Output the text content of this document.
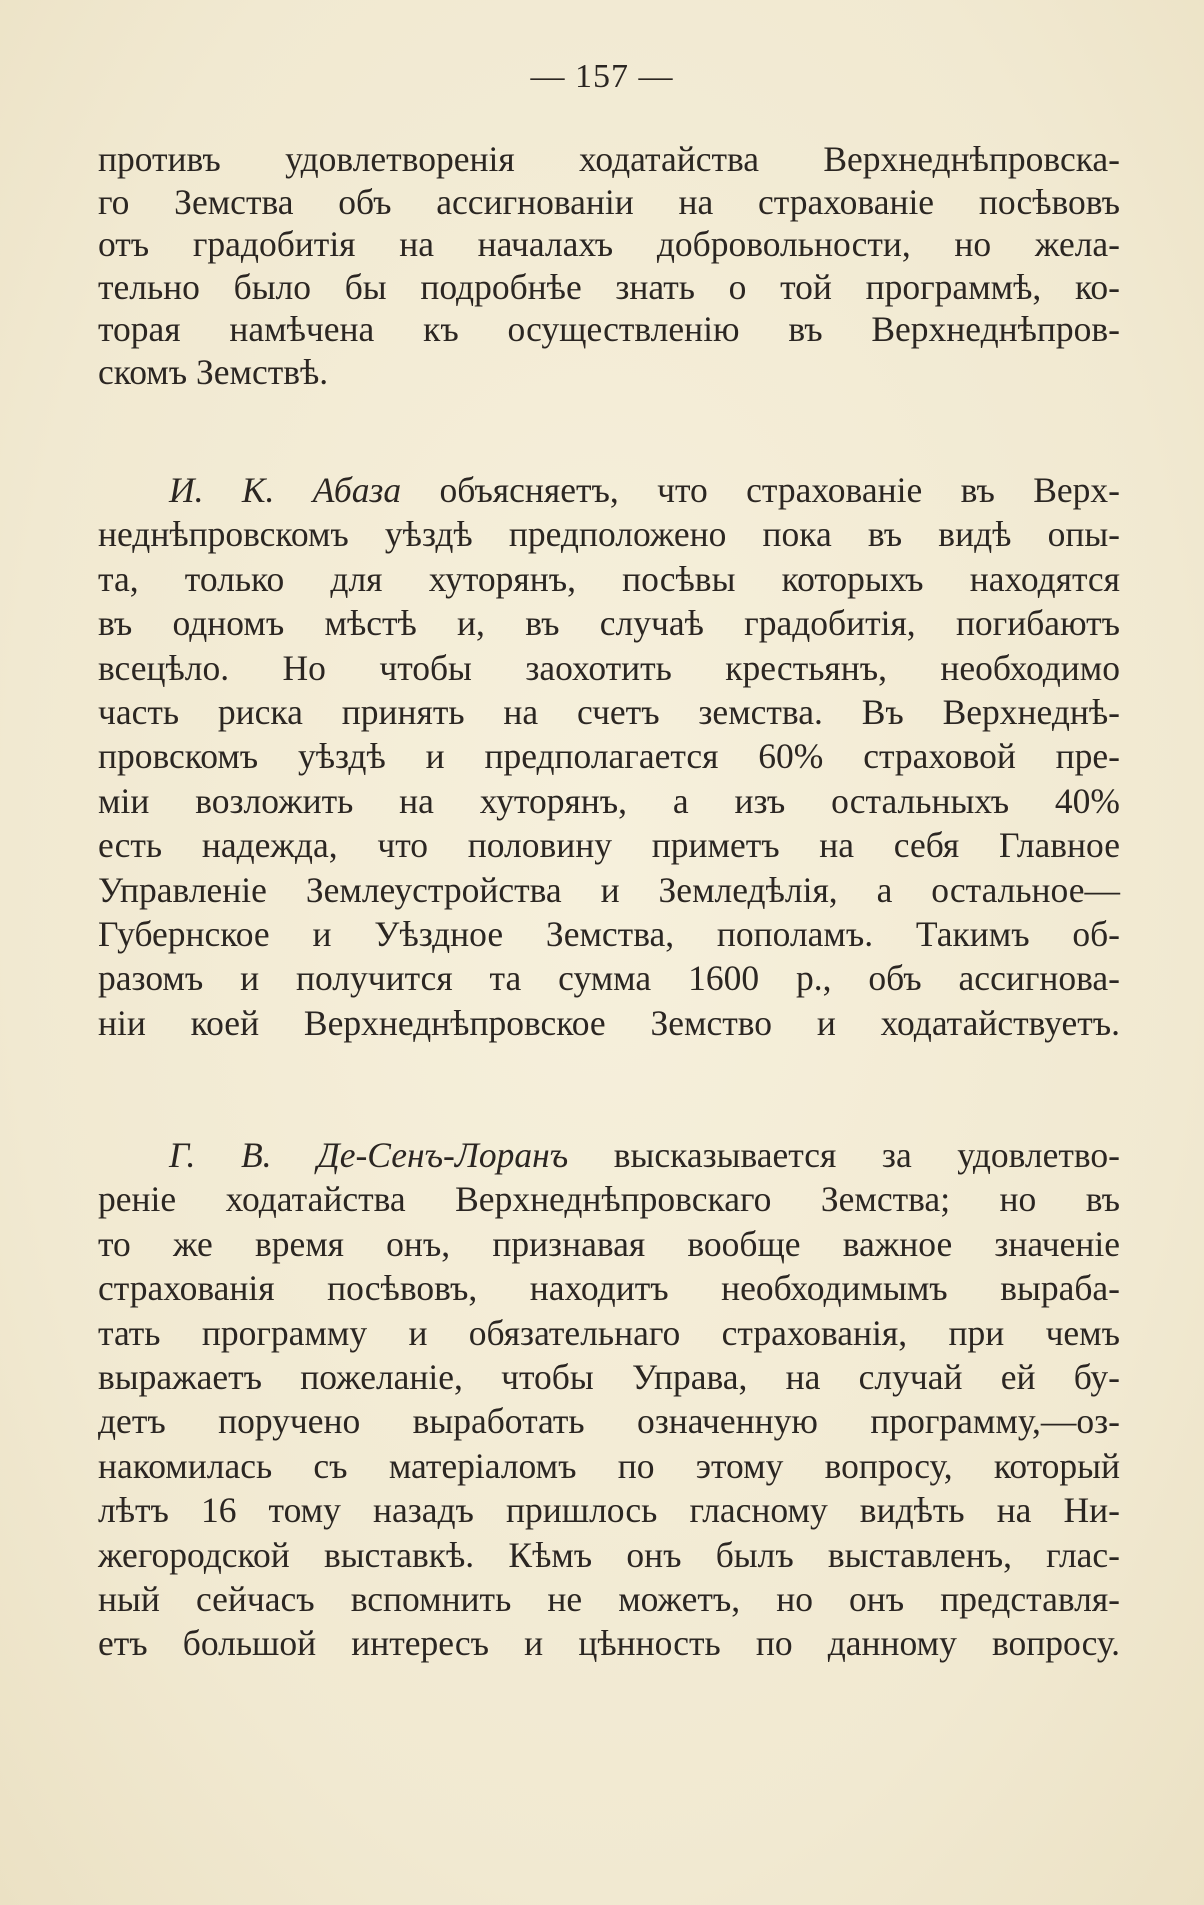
— 157 —
противъ удовлетворенія ходатайства Верхнеднѣпровска-
го Земства объ ассигнованіи на страхованіе посѣвовъ
отъ градобитія на началахъ добровольности, но жела-
тельно было бы подробнѣе знать о той программѣ, ко-
торая намѣчена къ осуществленію въ Верхнеднѣпров-
скомъ Земствѣ.
  И. К. Абаза объясняетъ, что страхованіе въ Верх-
неднѣпровскомъ уѣздѣ предположено пока въ видѣ опы-
та, только для хуторянъ, посѣвы которыхъ находятся
въ одномъ мѣстѣ и, въ случаѣ градобитія, погибаютъ
всецѣло. Но чтобы заохотить крестьянъ, необходимо
часть риска принять на счетъ земства. Въ Верхнеднѣ-
провскомъ уѣздѣ и предполагается 60% страховой пре-
міи возложить на хуторянъ, а изъ остальныхъ 40%
есть надежда, что половину приметъ на себя Главное
Управленіе Землеустройства и Земледѣлія, а остальное—
Губернское и Уѣздное Земства, пополамъ. Такимъ об-
разомъ и получится та сумма 1600 р., объ ассигнова-
ніи коей Верхнеднѣпровское Земство и ходатайствуетъ.
  Г. В. Де-Сенъ-Лоранъ высказывается за удовлетво-
реніе ходатайства Верхнеднѣпровскаго Земства; но въ
то же время онъ, признавая вообще важное значеніе
страхованія посѣвовъ, находитъ необходимымъ выраба-
тать программу и обязательнаго страхованія, при чемъ
выражаетъ пожеланіе, чтобы Управа, на случай ей бу-
детъ поручено выработать означенную программу,—оз-
накомилась съ матеріаломъ по этому вопросу, который
лѣтъ 16 тому назадъ пришлось гласному видѣть на Ни-
жегородской выставкѣ. Кѣмъ онъ былъ выставленъ, глас-
ный сейчасъ вспомнить не можетъ, но онъ представля-
етъ большой интересъ и цѣнность по данному вопросу.
